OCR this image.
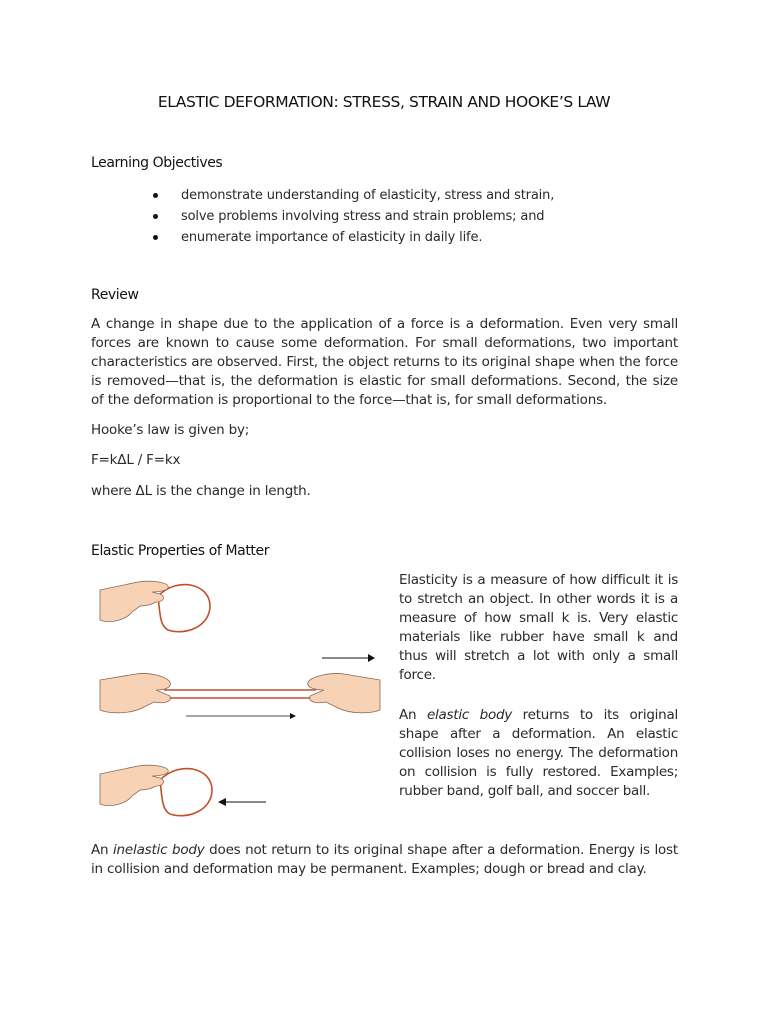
ELASTIC DEFORMATION: STRESS, STRAIN AND HOOKE’S LAW
Learning Objectives
demonstrate understanding of elasticity, stress and strain,
solve problems involving stress and strain problems; and
enumerate importance of elasticity in daily life.
Review

A change in shape due to the application of a force is a deformation. Even very small forces are known to cause some deformation. For small deformations, two important characteristics are observed. First, the object returns to its original shape when the force is removed—that is, the deformation is elastic for small deformations. Second, the size of the deformation is proportional to the force—that is, for small deformations.

Hooke’s law is given by;
F=kΔL / F=kx
where ΔL is the change in length.
Elastic Properties of Matter

Elasticity is a measure of how difficult it is to stretch an object. In other words it is a measure of how small k is. Very elastic materials like rubber have small k and thus will stretch a lot with only a small force.

An elastic body returns to its original shape after a deformation. An elastic collision loses no energy. The deformation on collision is fully restored. Examples; rubber band, golf ball, and soccer ball.

An inelastic body does not return to its original shape after a deformation. Energy is lost in collision and deformation may be permanent. Examples; dough or bread and clay.
